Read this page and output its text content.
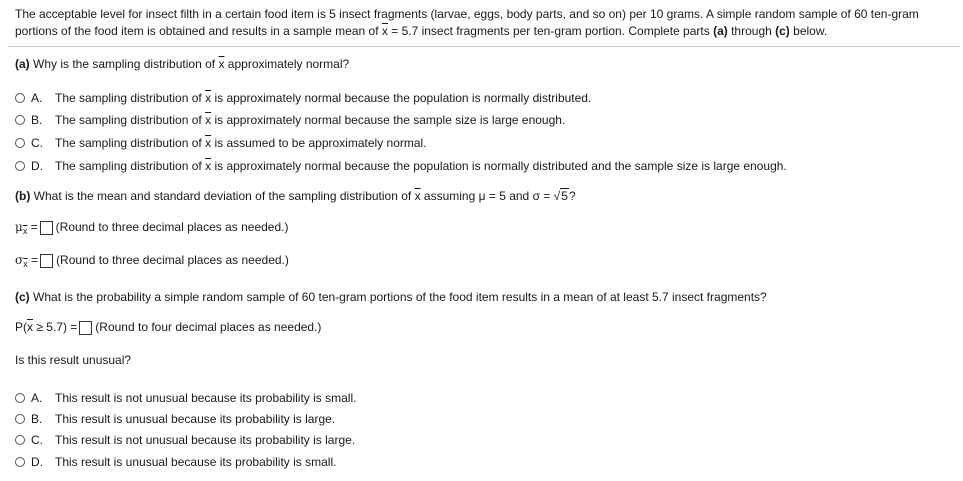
The acceptable level for insect filth in a certain food item is 5 insect fragments (larvae, eggs, body parts, and so on) per 10 grams. A simple random sample of 60 ten-gram portions of the food item is obtained and results in a sample mean of $\overline{x} = 5.7$ insect fragments per ten-gram portion. Complete parts (a) through (c) below.
(a) Why is the sampling distribution of $\overline{x}$ approximately normal?
A.	The sampling distribution of
$\overline{x}$
is approximately normal because the population is normally distributed.
B.	The sampling distribution of
$\overline{x}$
is approximately normal because the sample size is large enough.
C.	The sampling distribution of
$\overline{x}$
is assumed to be approximately normal.
D.	The sampling distribution of
$\overline{x}$
is approximately normal because the population is normally distributed and the sample size is large enough.
(b) What is the mean and standard deviation of the sampling distribution of $\overline{x}$ assuming μ = 5 and σ = √5?
$\mu_{\overline{x}}$ = (Round to three decimal places as needed.)
$\sigma_{\overline{x}}$ = (Round to three decimal places as needed.)
(c) What is the probability a simple random sample of 60 ten-gram portions of the food item results in a mean of at least 5.7 insect fragments?
$P(\overline{x} \ge 5.7)$ = (Round to four decimal places as needed.)
Is this result unusual?
A.	This result is not unusual because its probability is small.
B.	This result is unusual because its probability is large.
C.	This result is not unusual because its probability is large.
D.	This result is unusual because its probability is small.
